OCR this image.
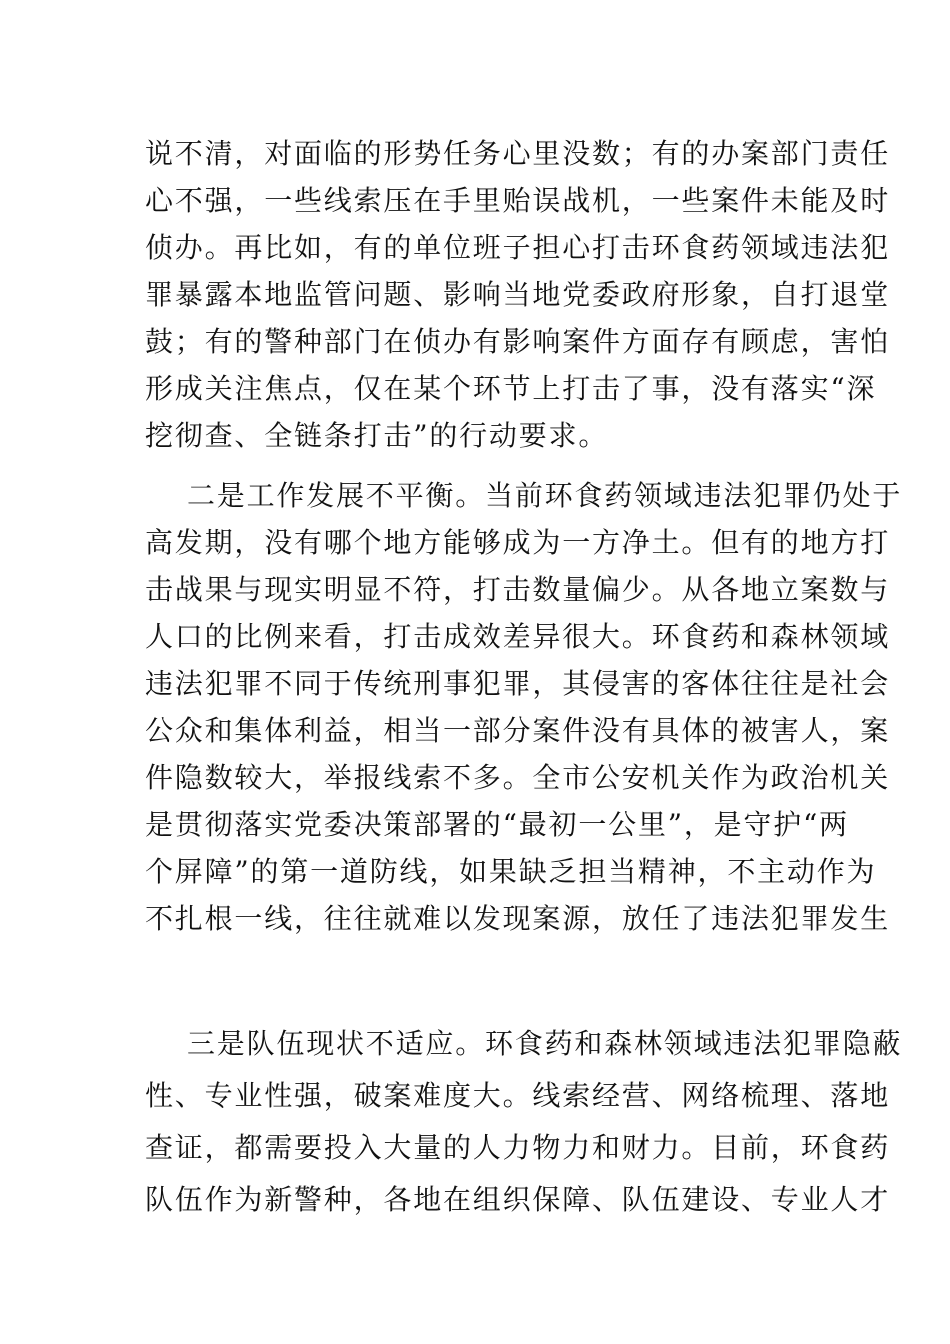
说不清，对面临的形势任务心里没数；有的办案部门责任
心不强，一些线索压在手里贻误战机，一些案件未能及时
侦办。再比如，有的单位班子担心打击环食药领域违法犯
罪暴露本地监管问题、影响当地党委政府形象，自打退堂
鼓；有的警种部门在侦办有影响案件方面存有顾虑，害怕
形成关注焦点，仅在某个环节上打击了事，没有落实“深
挖彻查、全链条打击”的行动要求。
二是工作发展不平衡。当前环食药领域违法犯罪仍处于
高发期，没有哪个地方能够成为一方净土。但有的地方打
击战果与现实明显不符，打击数量偏少。从各地立案数与
人口的比例来看，打击成效差异很大。环食药和森林领域
违法犯罪不同于传统刑事犯罪，其侵害的客体往往是社会
公众和集体利益，相当一部分案件没有具体的被害人，案
件隐数较大，举报线索不多。全市公安机关作为政治机关
是贯彻落实党委决策部署的“最初一公里”，是守护“两
个屏障”的第一道防线，如果缺乏担当精神，不主动作为
不扎根一线，往往就难以发现案源，放任了违法犯罪发生
三是队伍现状不适应。环食药和森林领域违法犯罪隐蔽
性、专业性强，破案难度大。线索经营、网络梳理、落地
查证，都需要投入大量的人力物力和财力。目前，环食药
队伍作为新警种，各地在组织保障、队伍建设、专业人才
